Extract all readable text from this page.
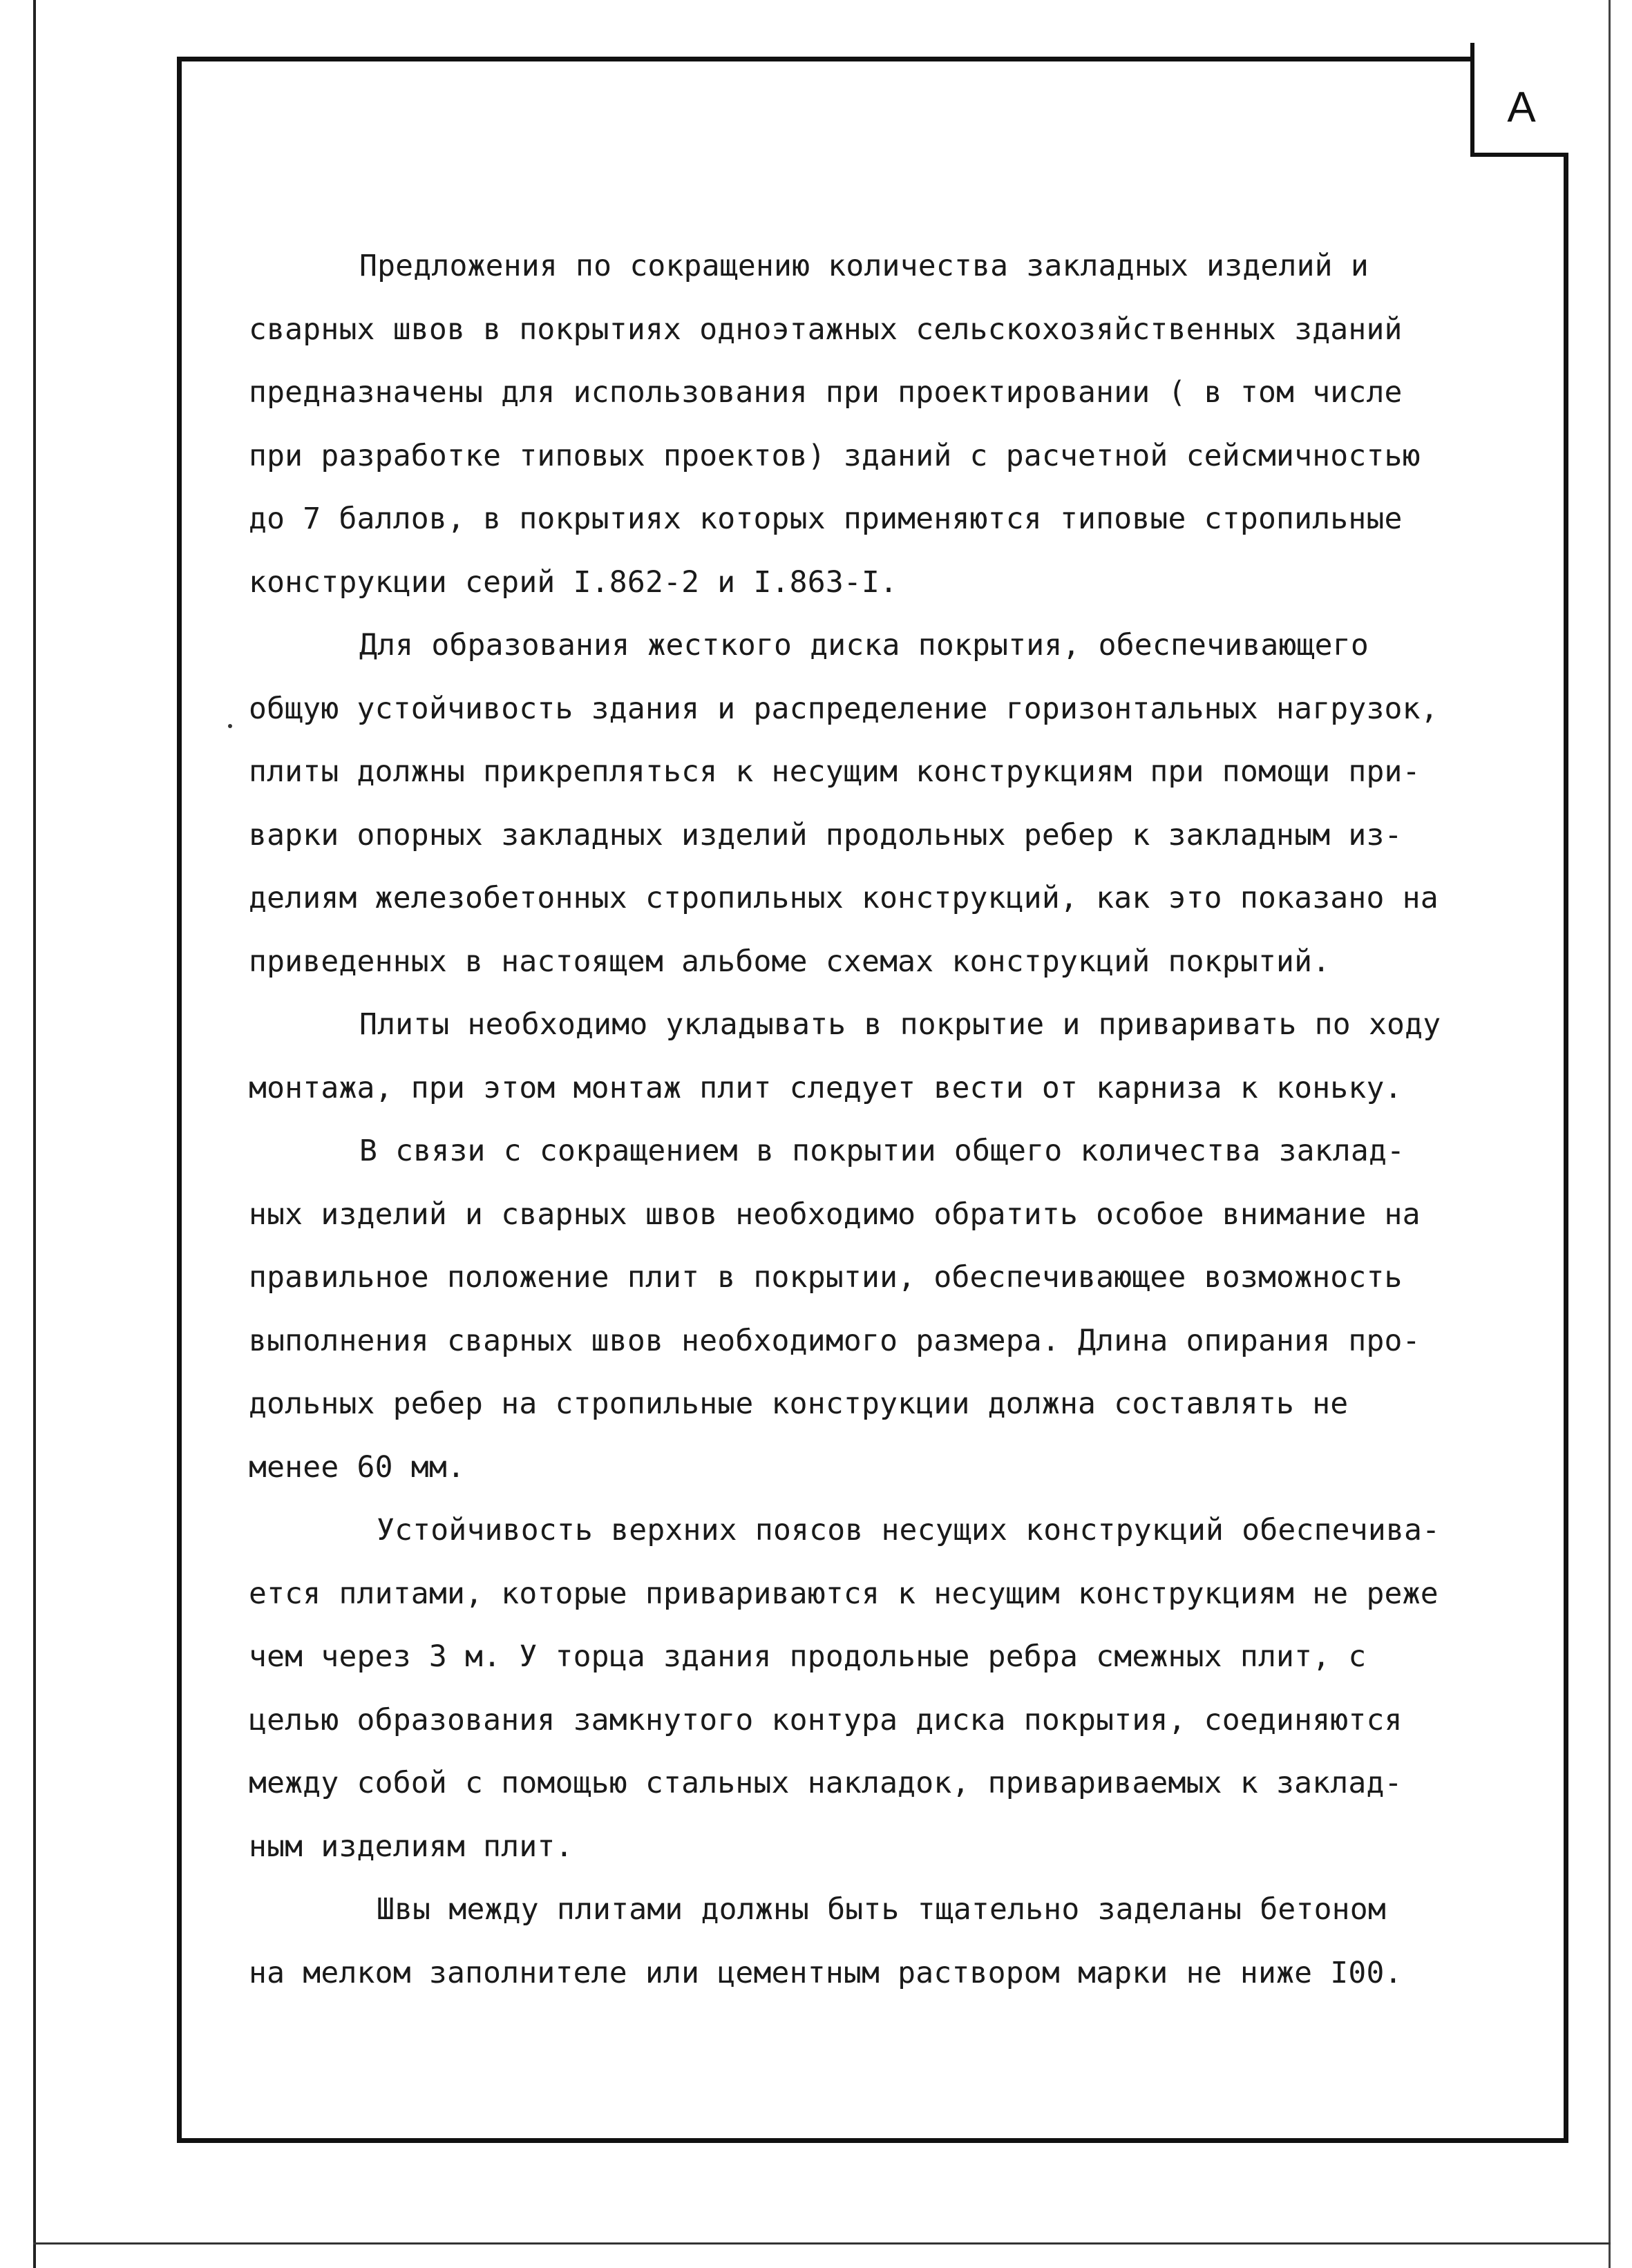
А
Предложения по сокращению количества закладных изделий и
сварных швов в покрытиях одноэтажных сельскохозяйственных зданий
предназначены для использования при проектировании ( в том числе
при разработке типовых проектов) зданий с расчетной сейсмичностью
до 7 баллов, в покрытиях которых применяются типовые стропильные
конструкции серий I.862-2 и I.863-I.
Для образования жесткого диска покрытия, обеспечивающего
общую устойчивость здания и распределение горизонтальных нагрузок,
плиты должны прикрепляться к несущим конструкциям при помощи при-
варки опорных закладных изделий продольных ребер к закладным из-
делиям железобетонных стропильных конструкций, как это показано на
приведенных в настоящем альбоме схемах конструкций покрытий.
Плиты необходимо укладывать в покрытие и приваривать по ходу
монтажа, при этом монтаж плит следует вести от карниза к коньку.
В связи с сокращением в покрытии общего количества заклад-
ных изделий и сварных швов необходимо обратить особое внимание на
правильное положение плит в покрытии, обеспечивающее возможность
выполнения сварных швов необходимого размера. Длина опирания про-
дольных ребер на стропильные конструкции должна составлять не
менее 60 мм.
Устойчивость верхних поясов несущих конструкций обеспечива-
ется плитами, которые привариваются к несущим конструкциям не реже
чем через 3 м. У торца здания продольные ребра смежных плит, с
целью образования замкнутого контура диска покрытия, соединяются
между собой с помощью стальных накладок, привариваемых к заклад-
ным изделиям плит.
Швы между плитами должны быть тщательно заделаны бетоном
на мелком заполнителе или цементным раствором марки не ниже I00.
